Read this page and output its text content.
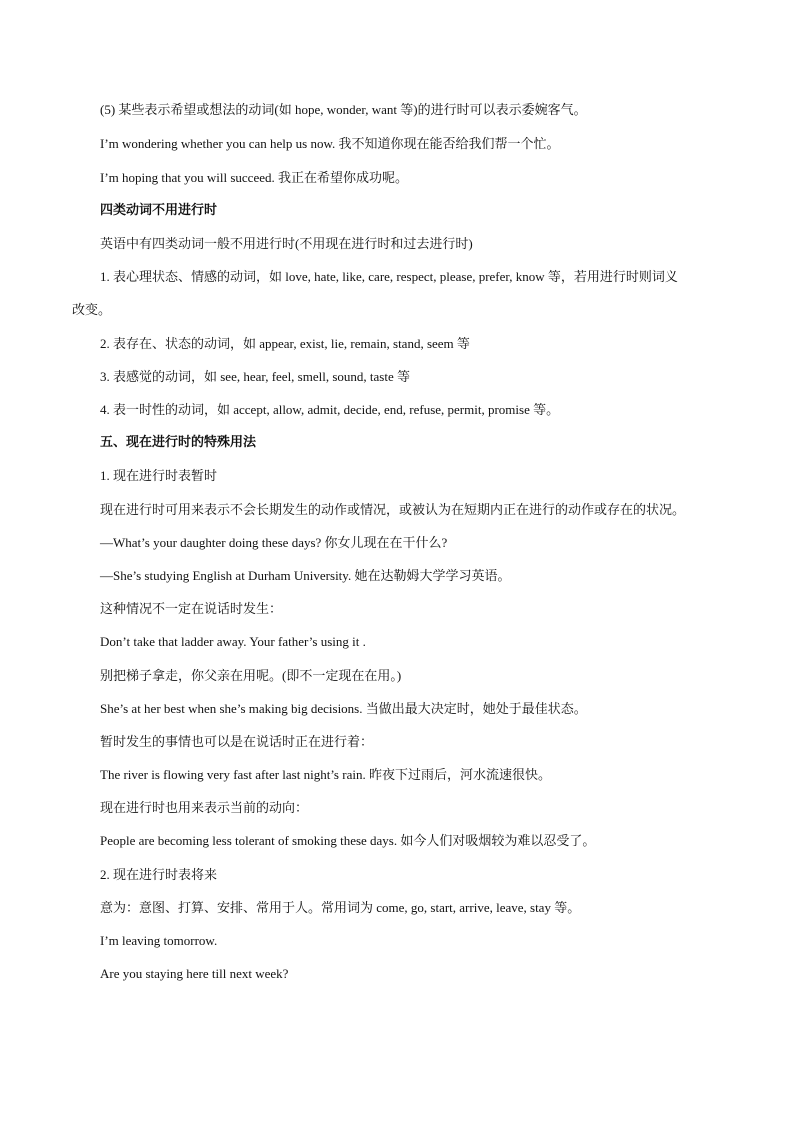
(5) 某些表示希望或想法的动词(如 hope, wonder, want 等)的进行时可以表示委婉客气。
I’m wondering whether you can help us now. 我不知道你现在能否给我们帮一个忙。
I’m hoping that you will succeed. 我正在希望你成功呢。
四类动词不用进行时
英语中有四类动词一般不用进行时(不用现在进行时和过去进行时)
1. 表心理状态、情感的动词，如 love, hate, like, care, respect, please, prefer, know 等，若用进行时则词义
改变。
2. 表存在、状态的动词，如 appear, exist, lie, remain, stand, seem 等
3. 表感觉的动词，如 see, hear, feel, smell, sound, taste 等
4. 表一时性的动词，如 accept, allow, admit, decide, end, refuse, permit, promise 等。
五、现在进行时的特殊用法
1. 现在进行时表暂时
现在进行时可用来表示不会长期发生的动作或情况，或被认为在短期内正在进行的动作或存在的状况。
—What’s your daughter doing these days? 你女儿现在在干什么?
—She’s studying English at Durham University. 她在达勒姆大学学习英语。
这种情况不一定在说话时发生：
Don’t take that ladder away. Your father’s using it .
别把梯子拿走，你父亲在用呢。(即不一定现在在用。)
She’s at her best when she’s making big decisions. 当做出最大决定时，她处于最佳状态。
暂时发生的事情也可以是在说话时正在进行着：
The river is flowing very fast after last night’s rain. 昨夜下过雨后，河水流速很快。
现在进行时也用来表示当前的动向：
People are becoming less tolerant of smoking these days. 如今人们对吸烟较为难以忍受了。
2. 现在进行时表将来
意为：意图、打算、安排、常用于人。常用词为 come, go, start, arrive, leave, stay 等。
I’m leaving tomorrow.
Are you staying here till next week?
